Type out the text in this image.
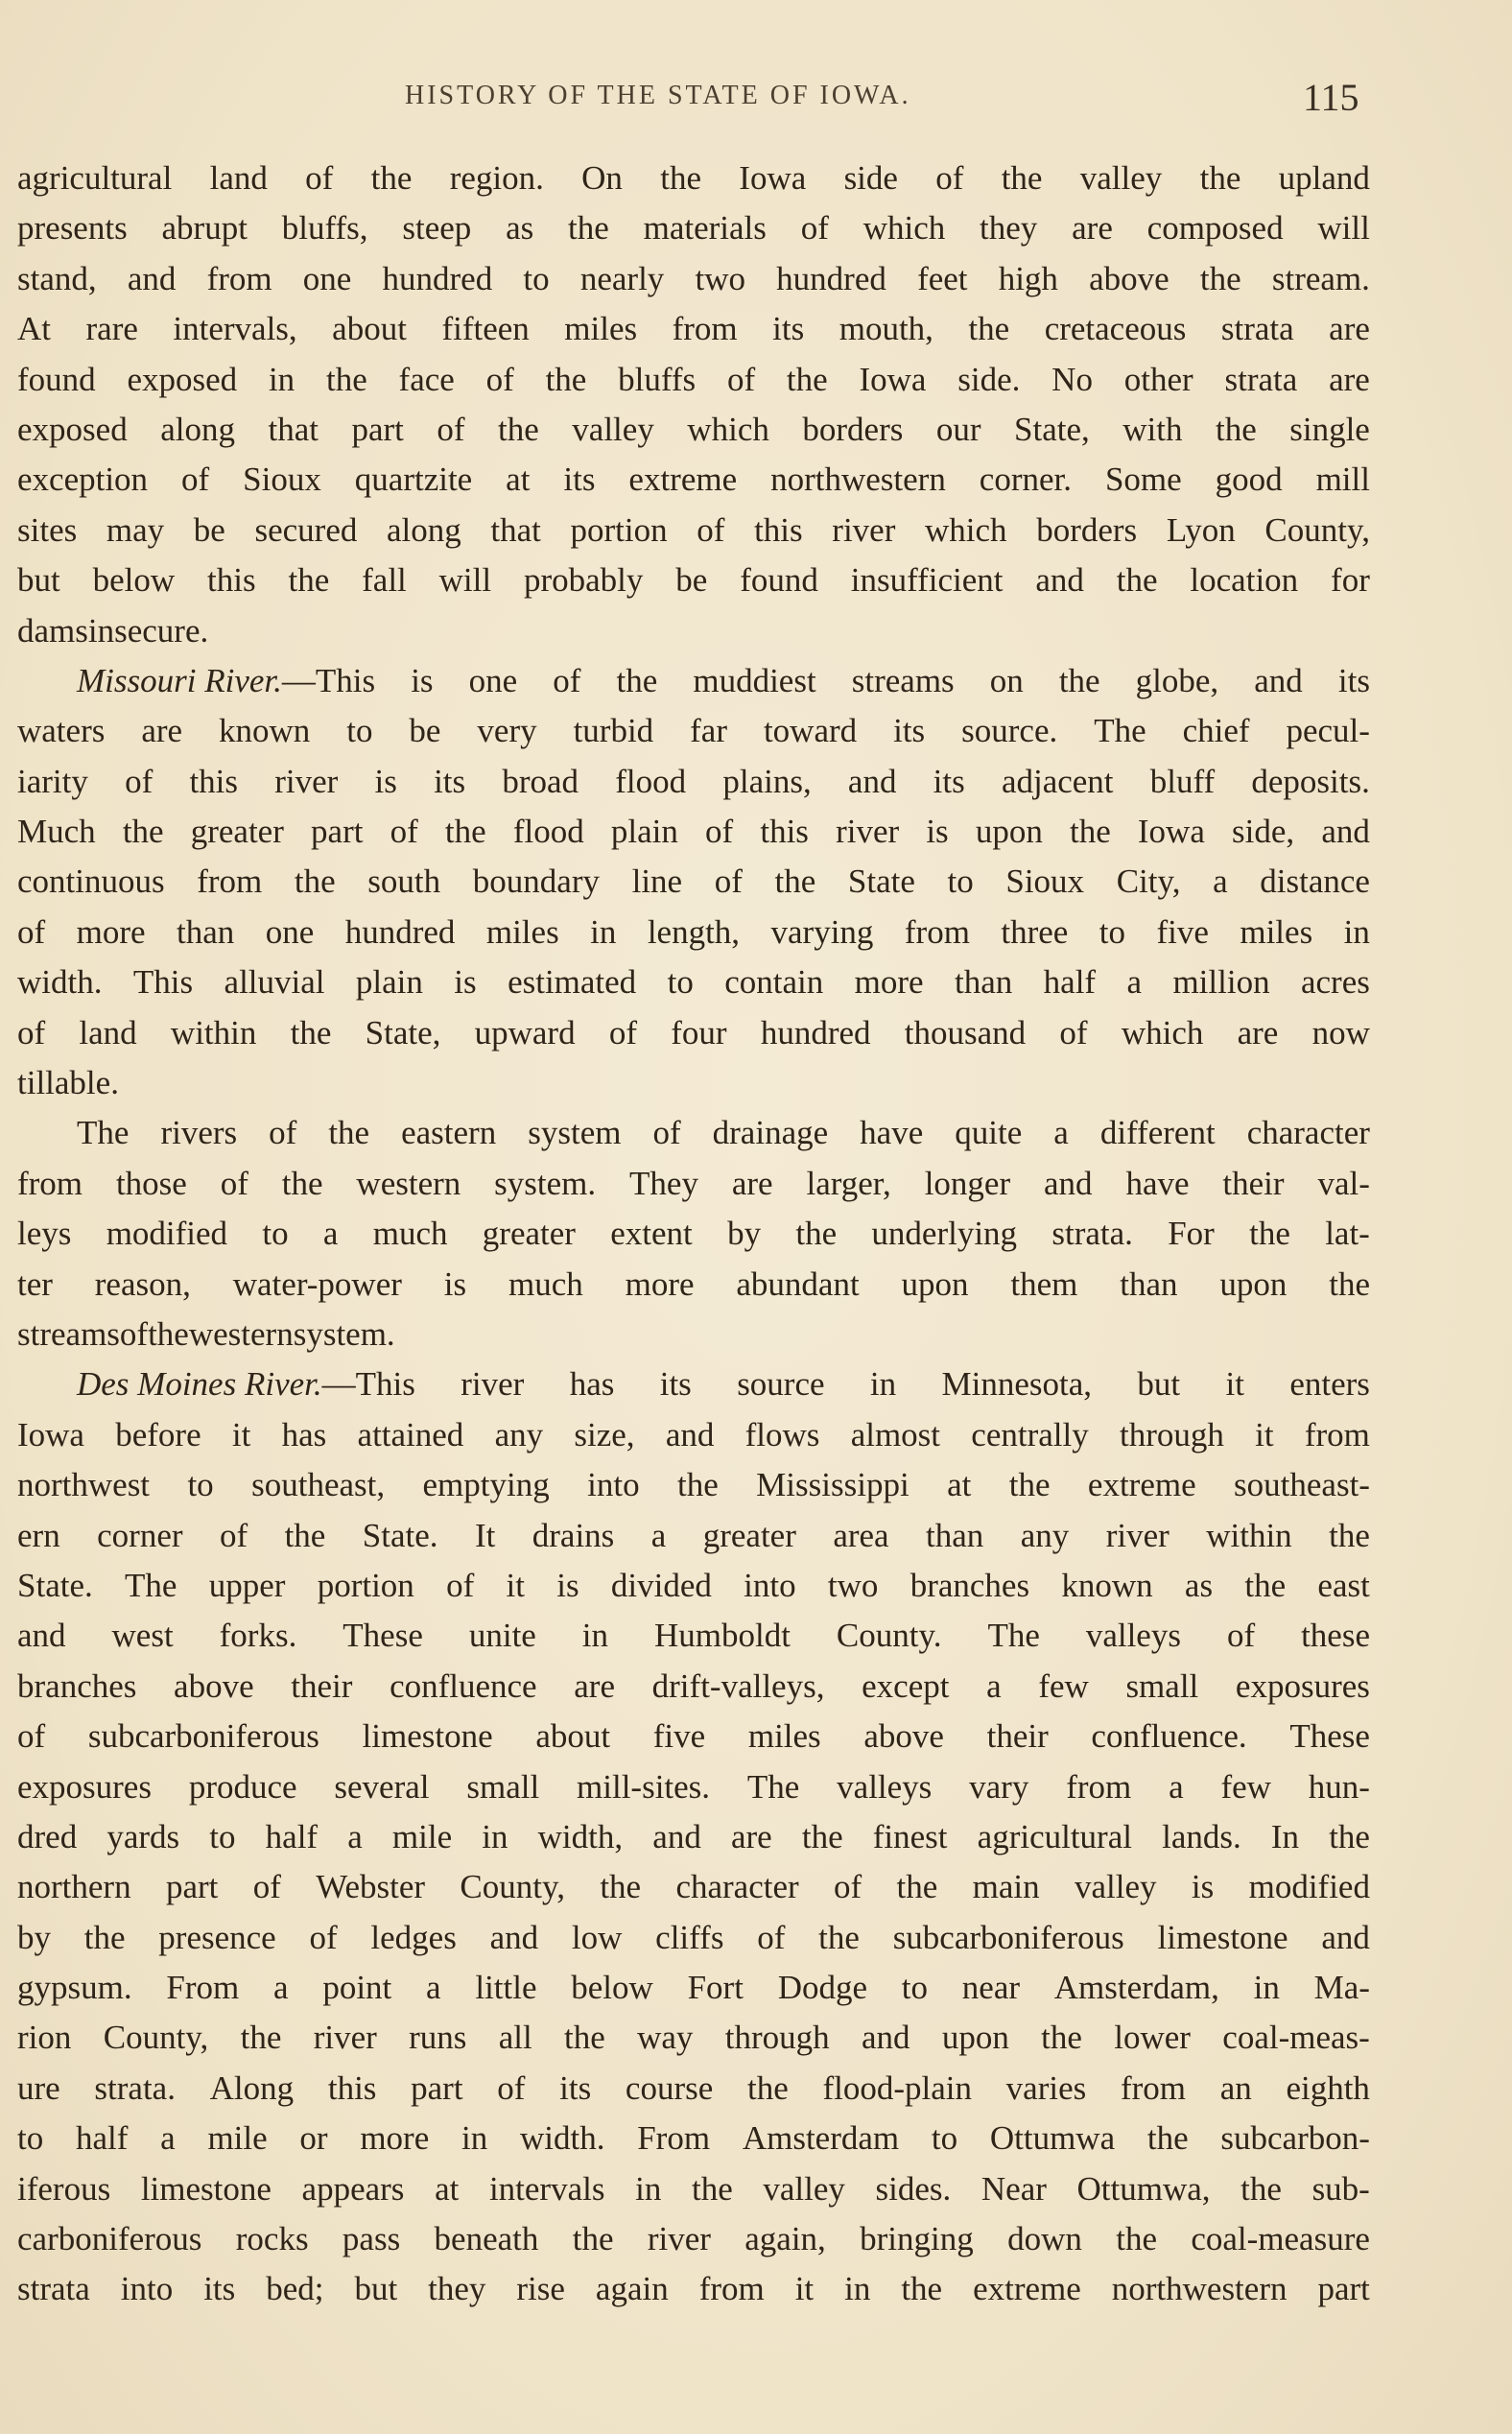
HISTORY OF THE STATE OF IOWA.	115
agricultural land of the region. On the Iowa side of the valley the upland
presents abrupt bluffs, steep as the materials of which they are composed will
stand, and from one hundred to nearly two hundred feet high above the stream.
At rare intervals, about fifteen miles from its mouth, the cretaceous strata are
found exposed in the face of the bluffs of the Iowa side. No other strata are
exposed along that part of the valley which borders our State, with the single
exception of Sioux quartzite at its extreme northwestern corner. Some good mill
sites may be secured along that portion of this river which borders Lyon County,
but below this the fall will probably be found insufficient and the location for
dams insecure.
Missouri River.—This is one of the muddiest streams on the globe, and its
waters are known to be very turbid far toward its source. The chief pecul-
iarity of this river is its broad flood plains, and its adjacent bluff deposits.
Much the greater part of the flood plain of this river is upon the Iowa side, and
continuous from the south boundary line of the State to Sioux City, a distance
of more than one hundred miles in length, varying from three to five miles in
width. This alluvial plain is estimated to contain more than half a million acres
of land within the State, upward of four hundred thousand of which are now
tillable.
The rivers of the eastern system of drainage have quite a different character
from those of the western system. They are larger, longer and have their val-
leys modified to a much greater extent by the underlying strata. For the lat-
ter reason, water-power is much more abundant upon them than upon the
streams of the western system.
Des Moines River.—This river has its source in Minnesota, but it enters
Iowa before it has attained any size, and flows almost centrally through it from
northwest to southeast, emptying into the Mississippi at the extreme southeast-
ern corner of the State. It drains a greater area than any river within the
State. The upper portion of it is divided into two branches known as the east
and west forks. These unite in Humboldt County. The valleys of these
branches above their confluence are drift-valleys, except a few small exposures
of subcarboniferous limestone about five miles above their confluence. These
exposures produce several small mill-sites. The valleys vary from a few hun-
dred yards to half a mile in width, and are the finest agricultural lands. In the
northern part of Webster County, the character of the main valley is modified
by the presence of ledges and low cliffs of the subcarboniferous limestone and
gypsum. From a point a little below Fort Dodge to near Amsterdam, in Ma-
rion County, the river runs all the way through and upon the lower coal-meas-
ure strata. Along this part of its course the flood-plain varies from an eighth
to half a mile or more in width. From Amsterdam to Ottumwa the subcarbon-
iferous limestone appears at intervals in the valley sides. Near Ottumwa, the sub-
carboniferous rocks pass beneath the river again, bringing down the coal-measure
strata into its bed; but they rise again from it in the extreme northwestern part
